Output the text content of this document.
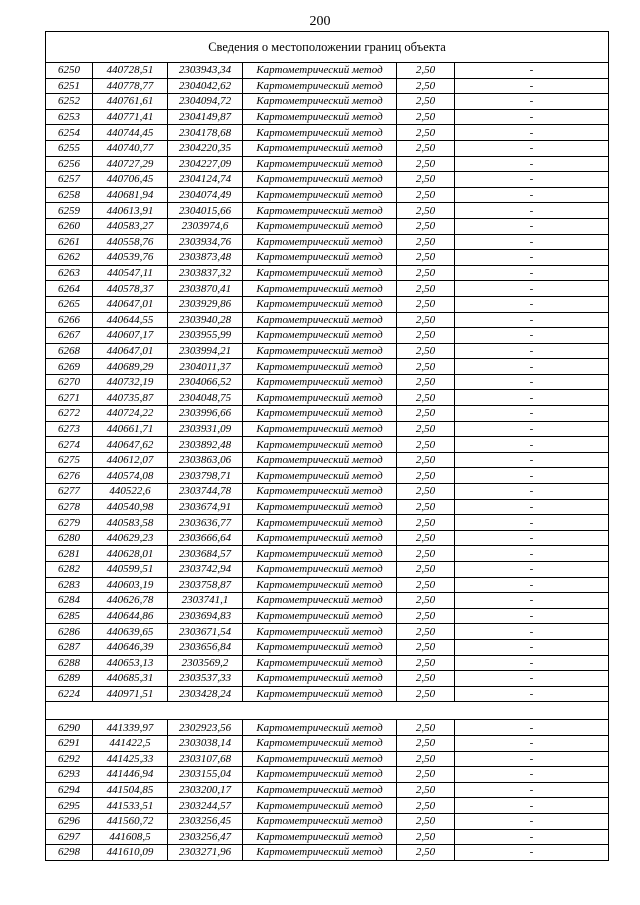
200
Сведения о местоположении границ объекта					
6250	440728,51	2303943,34	Картометрический метод	2,50	-
6251	440778,77	2304042,62	Картометрический метод	2,50	-
6252	440761,61	2304094,72	Картометрический метод	2,50	-
6253	440771,41	2304149,87	Картометрический метод	2,50	-
6254	440744,45	2304178,68	Картометрический метод	2,50	-
6255	440740,77	2304220,35	Картометрический метод	2,50	-
6256	440727,29	2304227,09	Картометрический метод	2,50	-
6257	440706,45	2304124,74	Картометрический метод	2,50	-
6258	440681,94	2304074,49	Картометрический метод	2,50	-
6259	440613,91	2304015,66	Картометрический метод	2,50	-
6260	440583,27	2303974,6	Картометрический метод	2,50	-
6261	440558,76	2303934,76	Картометрический метод	2,50	-
6262	440539,76	2303873,48	Картометрический метод	2,50	-
6263	440547,11	2303837,32	Картометрический метод	2,50	-
6264	440578,37	2303870,41	Картометрический метод	2,50	-
6265	440647,01	2303929,86	Картометрический метод	2,50	-
6266	440644,55	2303940,28	Картометрический метод	2,50	-
6267	440607,17	2303955,99	Картометрический метод	2,50	-
6268	440647,01	2303994,21	Картометрический метод	2,50	-
6269	440689,29	2304011,37	Картометрический метод	2,50	-
6270	440732,19	2304066,52	Картометрический метод	2,50	-
6271	440735,87	2304048,75	Картометрический метод	2,50	-
6272	440724,22	2303996,66	Картометрический метод	2,50	-
6273	440661,71	2303931,09	Картометрический метод	2,50	-
6274	440647,62	2303892,48	Картометрический метод	2,50	-
6275	440612,07	2303863,06	Картометрический метод	2,50	-
6276	440574,08	2303798,71	Картометрический метод	2,50	-
6277	440522,6	2303744,78	Картометрический метод	2,50	-
6278	440540,98	2303674,91	Картометрический метод	2,50	-
6279	440583,58	2303636,77	Картометрический метод	2,50	-
6280	440629,23	2303666,64	Картометрический метод	2,50	-
6281	440628,01	2303684,57	Картометрический метод	2,50	-
6282	440599,51	2303742,94	Картометрический метод	2,50	-
6283	440603,19	2303758,87	Картометрический метод	2,50	-
6284	440626,78	2303741,1	Картометрический метод	2,50	-
6285	440644,86	2303694,83	Картометрический метод	2,50	-
6286	440639,65	2303671,54	Картометрический метод	2,50	-
6287	440646,39	2303656,84	Картометрический метод	2,50	-
6288	440653,13	2303569,2	Картометрический метод	2,50	-
6289	440685,31	2303537,33	Картометрический метод	2,50	-
6224	440971,51	2303428,24	Картометрический метод	2,50	-

6290	441339,97	2302923,56	Картометрический метод	2,50	-
6291	441422,5	2303038,14	Картометрический метод	2,50	-
6292	441425,33	2303107,68	Картометрический метод	2,50	-
6293	441446,94	2303155,04	Картометрический метод	2,50	-
6294	441504,85	2303200,17	Картометрический метод	2,50	-
6295	441533,51	2303244,57	Картометрический метод	2,50	-
6296	441560,72	2303256,45	Картометрический метод	2,50	-
6297	441608,5	2303256,47	Картометрический метод	2,50	-
6298	441610,09	2303271,96	Картометрический метод	2,50	-
